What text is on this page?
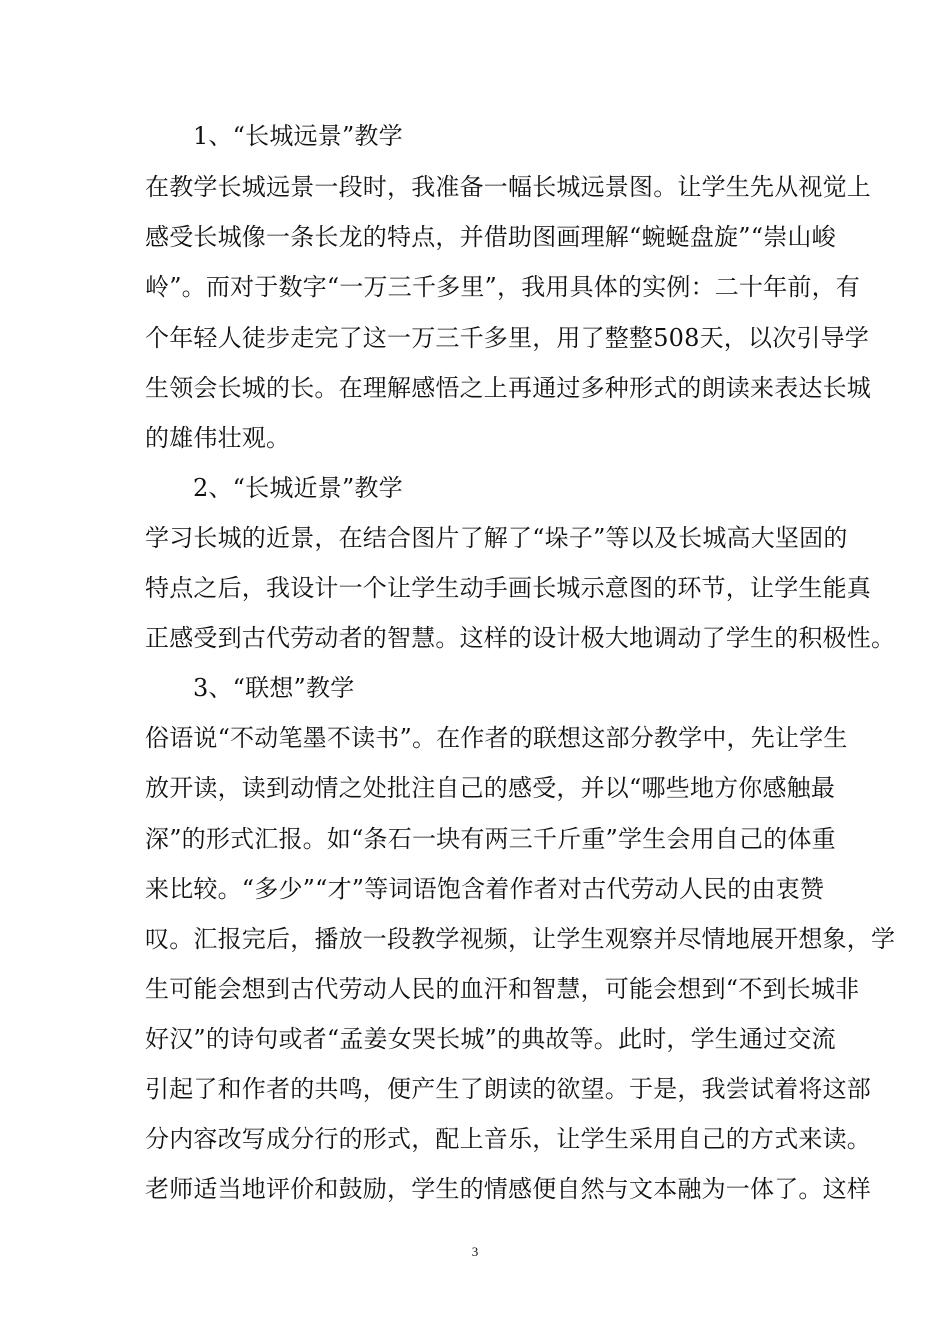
1、“长城远景”教学
在教学长城远景一段时，我准备一幅长城远景图。让学生先从视觉上
感受长城像一条长龙的特点，并借助图画理解“蜿蜒盘旋”“崇山峻
岭”。而对于数字“一万三千多里”，我用具体的实例：二十年前，有
个年轻人徒步走完了这一万三千多里，用了整整508天，以次引导学
生领会长城的长。在理解感悟之上再通过多种形式的朗读来表达长城
的雄伟壮观。
2、“长城近景”教学
学习长城的近景，在结合图片了解了“垛子”等以及长城高大坚固的
特点之后，我设计一个让学生动手画长城示意图的环节，让学生能真
正感受到古代劳动者的智慧。这样的设计极大地调动了学生的积极性。
3、“联想”教学
俗语说“不动笔墨不读书”。在作者的联想这部分教学中，先让学生
放开读，读到动情之处批注自己的感受，并以“哪些地方你感触最
深”的形式汇报。如“条石一块有两三千斤重”学生会用自己的体重
来比较。“多少”“才”等词语饱含着作者对古代劳动人民的由衷赞
叹。汇报完后，播放一段教学视频，让学生观察并尽情地展开想象，学
生可能会想到古代劳动人民的血汗和智慧，可能会想到“不到长城非
好汉”的诗句或者“孟姜女哭长城”的典故等。此时，学生通过交流
引起了和作者的共鸣，便产生了朗读的欲望。于是，我尝试着将这部
分内容改写成分行的形式，配上音乐，让学生采用自己的方式来读。
老师适当地评价和鼓励，学生的情感便自然与文本融为一体了。这样
3
